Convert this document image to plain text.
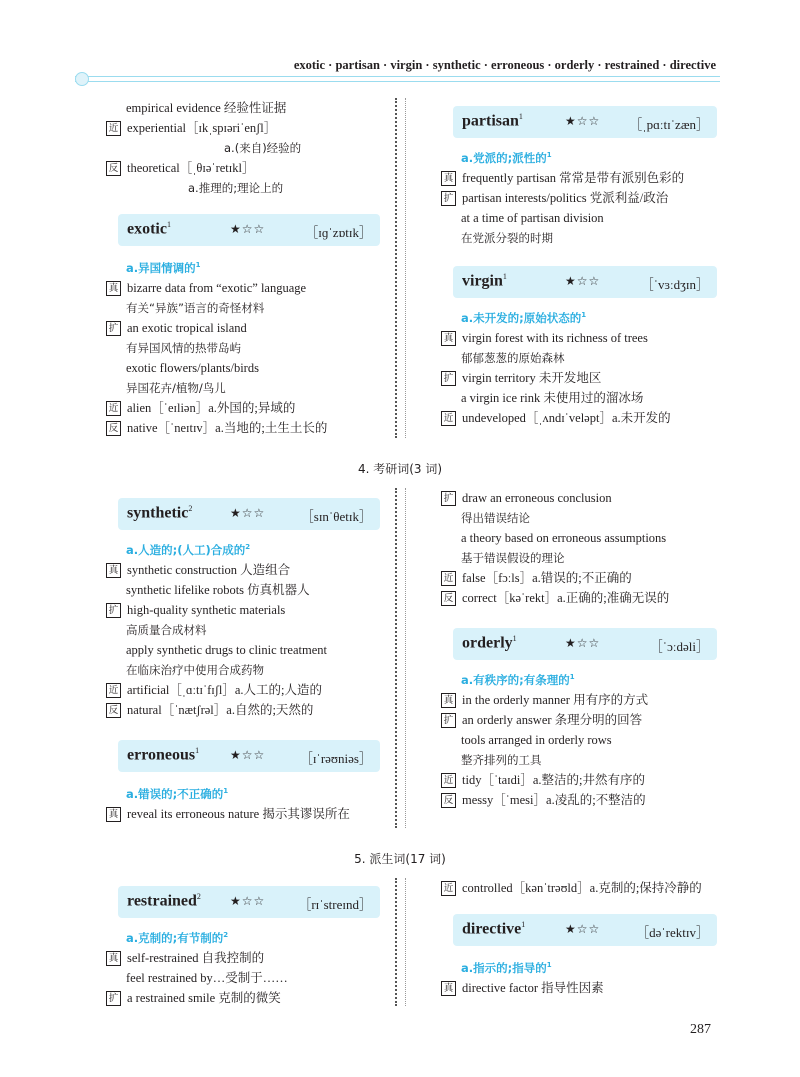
exotic · partisan · virgin · synthetic · erroneous · orderly · restrained · directive
empirical evidence 经验性证据
近 experiential［ɪkˌspɪəriˈenʃl］
a.(来自)经验的
反 theoretical［ˌθɪəˈretɪkl］
a.推理的;理论上的
exotic$^1$	★☆☆	［ɪɡˈzɒtɪk］
a.异国情调的$^1$
真 bizarre data from “exotic” language
有关“异族”语言的奇怪材料
扩 an exotic tropical island
有异国风情的热带岛屿
exotic flowers/plants/birds
异国花卉/植物/鸟儿
近 alien［ˈeɪliən］a.外国的;异域的
反 native［ˈneɪtɪv］a.当地的;土生土长的
partisan$^1$	★☆☆ ［ˌpɑːtɪˈzæn］
a.党派的;派性的$^1$
真 frequently partisan 常常是带有派别色彩的
扩 partisan interests/politics 党派利益/政治
at a time of partisan division
在党派分裂的时期
virgin$^1$	★☆☆	［ˈvɜːdʒɪn］
a.未开发的;原始状态的$^1$
真 virgin forest with its richness of trees
郁郁葱葱的原始森林
扩 virgin territory 未开发地区
a virgin ice rink 未使用过的溜冰场
近 undeveloped［ˌʌndɪˈveləpt］a.未开发的
4. 考研词(3 词)
synthetic$^2$	★☆☆	［sɪnˈθetɪk］
a.人造的;(人工)合成的$^2$
真 synthetic construction 人造组合
synthetic lifelike robots 仿真机器人
扩 high-quality synthetic materials
高质量合成材料
apply synthetic drugs to clinic treatment
在临床治疗中使用合成药物
近 artificial［ˌɑːtɪˈfɪʃl］a.人工的;人造的
反 natural［ˈnætʃrəl］a.自然的;天然的
erroneous$^1$	★☆☆	［ɪˈrəʊniəs］
a.错误的;不正确的$^1$
真 reveal its erroneous nature 揭示其谬误所在
扩 draw an erroneous conclusion
得出错误结论
a theory based on erroneous assumptions
基于错误假设的理论
近 false［fɔːls］a.错误的;不正确的
反 correct［kəˈrekt］a.正确的;准确无误的
orderly$^1$	★☆☆	［ˈɔːdəli］
a.有秩序的;有条理的$^1$
真 in the orderly manner 用有序的方式
扩 an orderly answer 条理分明的回答
tools arranged in orderly rows
整齐排列的工具
近 tidy［ˈtaɪdi］a.整洁的;井然有序的
反 messy［ˈmesi］a.凌乱的;不整洁的
5. 派生词(17 词)
restrained$^2$ ★☆☆	［rɪˈstreɪnd］
a.克制的;有节制的$^2$
真 self-restrained 自我控制的
feel restrained by…受制于……
扩 a restrained smile 克制的微笑
近 controlled［kənˈtrəʊld］a.克制的;保持冷静的
directive$^1$	★☆☆	［dəˈrektɪv］
a.指示的;指导的$^1$
真 directive factor 指导性因素
287
